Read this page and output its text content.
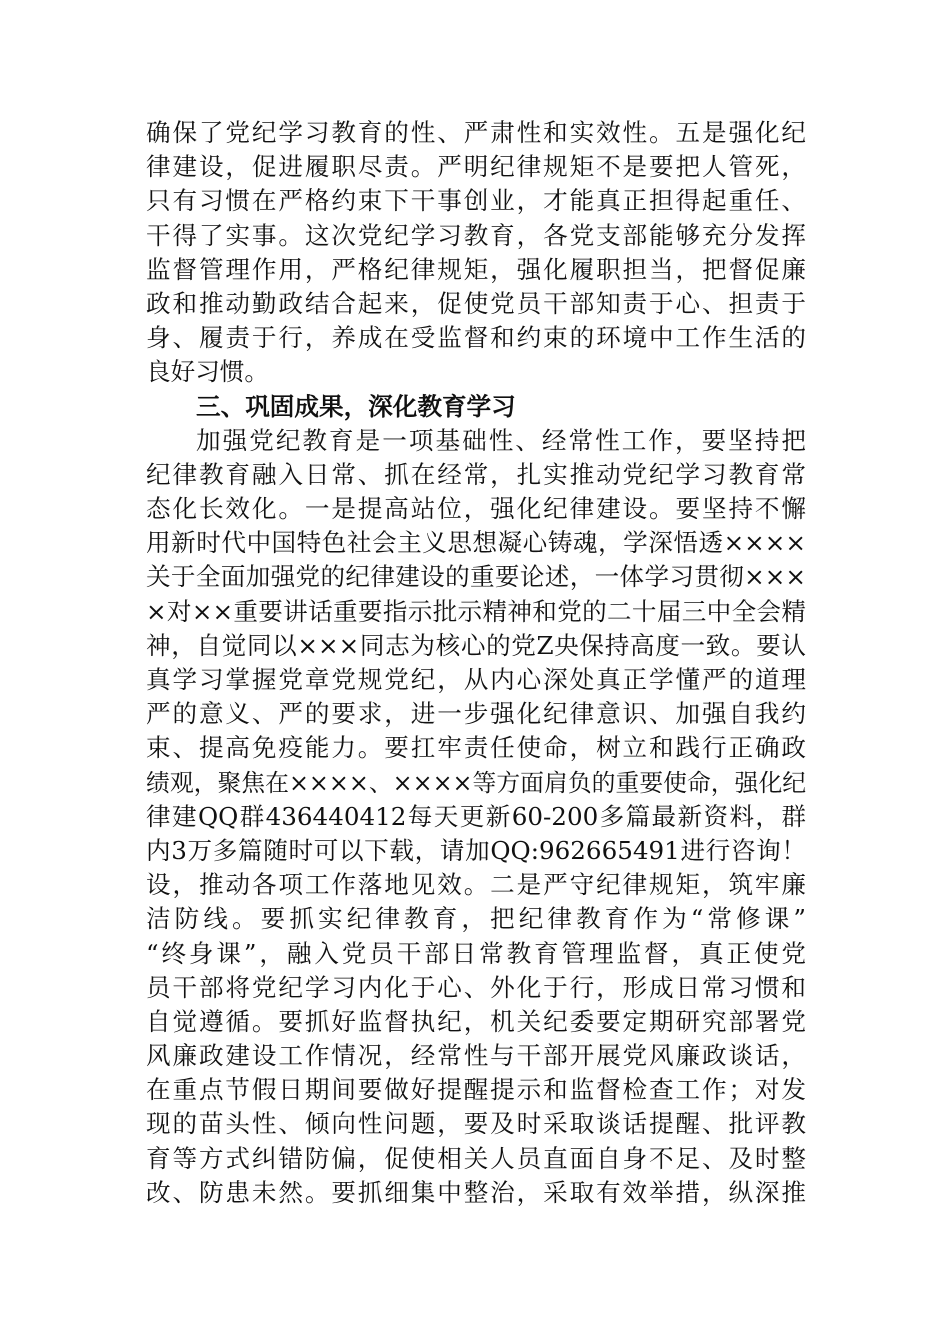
确保了党纪学习教育的性、严肃性和实效性。五是强化纪
律建设，促进履职尽责。严明纪律规矩不是要把人管死，
只有习惯在严格约束下干事创业，才能真正担得起重任、
干得了实事。这次党纪学习教育，各党支部能够充分发挥
监督管理作用，严格纪律规矩，强化履职担当，把督促廉
政和推动勤政结合起来，促使党员干部知责于心、担责于
身、履责于行，养成在受监督和约束的环境中工作生活的
良好习惯。
三、巩固成果，深化教育学习
加强党纪教育是一项基础性、经常性工作，要坚持把
纪律教育融入日常、抓在经常，扎实推动党纪学习教育常
态化长效化。一是提高站位，强化纪律建设。要坚持不懈
用新时代中国特色社会主义思想凝心铸魂，学深悟透××××
关于全面加强党的纪律建设的重要论述，一体学习贯彻×××
×对××重要讲话重要指示批示精神和党的二十届三中全会精
神，自觉同以×××同志为核心的党Z央保持高度一致。要认
真学习掌握党章党规党纪，从内心深处真正学懂严的道理
严的意义、严的要求，进一步强化纪律意识、加强自我约
束、提高免疫能力。要扛牢责任使命，树立和践行正确政
绩观，聚焦在××××、××××等方面肩负的重要使命，强化纪
律建QQ群436440412每天更新60-200多篇最新资料，群
内3万多篇随时可以下载，请加QQ:962665491进行咨询！
设，推动各项工作落地见效。二是严守纪律规矩，筑牢廉
洁防线。要抓实纪律教育，把纪律教育作为“常修课”
“终身课”，融入党员干部日常教育管理监督，真正使党
员干部将党纪学习内化于心、外化于行，形成日常习惯和
自觉遵循。要抓好监督执纪，机关纪委要定期研究部署党
风廉政建设工作情况，经常性与干部开展党风廉政谈话，
在重点节假日期间要做好提醒提示和监督检查工作；对发
现的苗头性、倾向性问题，要及时采取谈话提醒、批评教
育等方式纠错防偏，促使相关人员直面自身不足、及时整
改、防患未然。要抓细集中整治，采取有效举措，纵深推
